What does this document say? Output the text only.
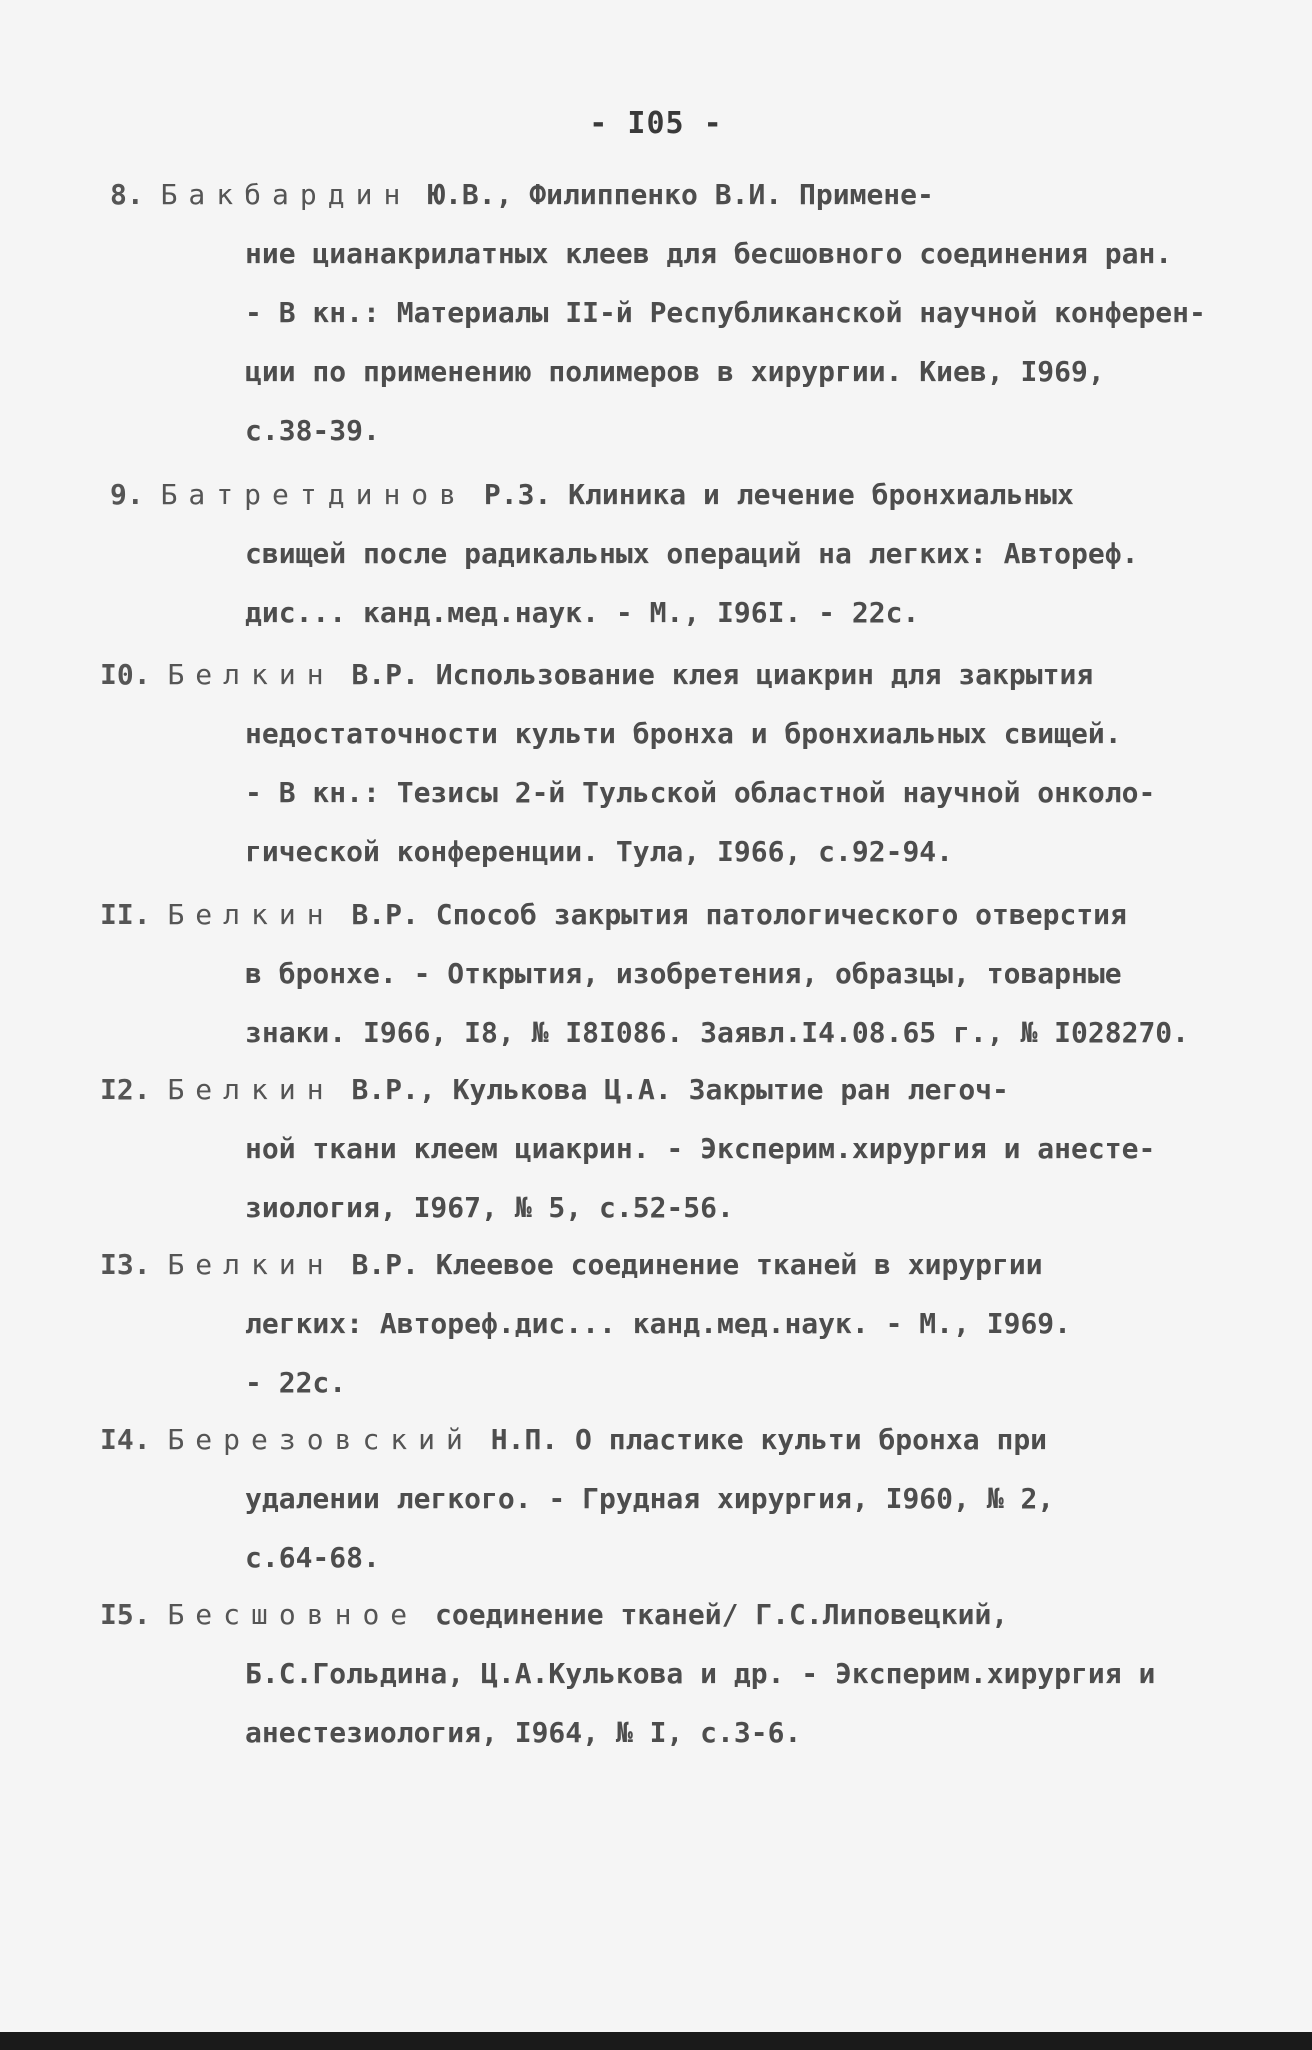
- I05 -
8. Бакбардин Ю.В., Филиппенко В.И. Примене-
ние цианакрилатных клеев для бесшовного соединения ран.
- В кн.: Материалы II-й Республиканской научной конферен-
ции по применению полимеров в хирургии. Киев, I969,
с.38-39.
9. Батретдинов Р.З. Клиника и лечение бронхиальных
свищей после радикальных операций на легких: Автореф.
дис... канд.мед.наук. - М., I96I. - 22с.
I0. Белкин В.Р. Использование клея циакрин для закрытия
недостаточности культи бронха и бронхиальных свищей.
- В кн.: Тезисы 2-й Тульской областной научной онколо-
гической конференции. Тула, I966, с.92-94.
II. Белкин В.Р. Способ закрытия патологического отверстия
в бронхе. - Открытия, изобретения, образцы, товарные
знаки. I966, I8, № I8I086. Заявл.I4.08.65 г., № I028270.
I2. Белкин В.Р., Кулькова Ц.А. Закрытие ран легоч-
ной ткани клеем циакрин. - Эксперим.хирургия и анесте-
зиология, I967, № 5, с.52-56.
I3. Белкин В.Р. Клеевое соединение тканей в хирургии
легких: Автореф.дис... канд.мед.наук. - М., I969.
- 22с.
I4. Березовский Н.П. О пластике культи бронха при
удалении легкого. - Грудная хирургия, I960, № 2,
с.64-68.
I5. Бесшовное соединение тканей/ Г.С.Липовецкий,
Б.С.Гольдина, Ц.А.Кулькова и др. - Эксперим.хирургия и
анестезиология, I964, № I, с.3-6.
